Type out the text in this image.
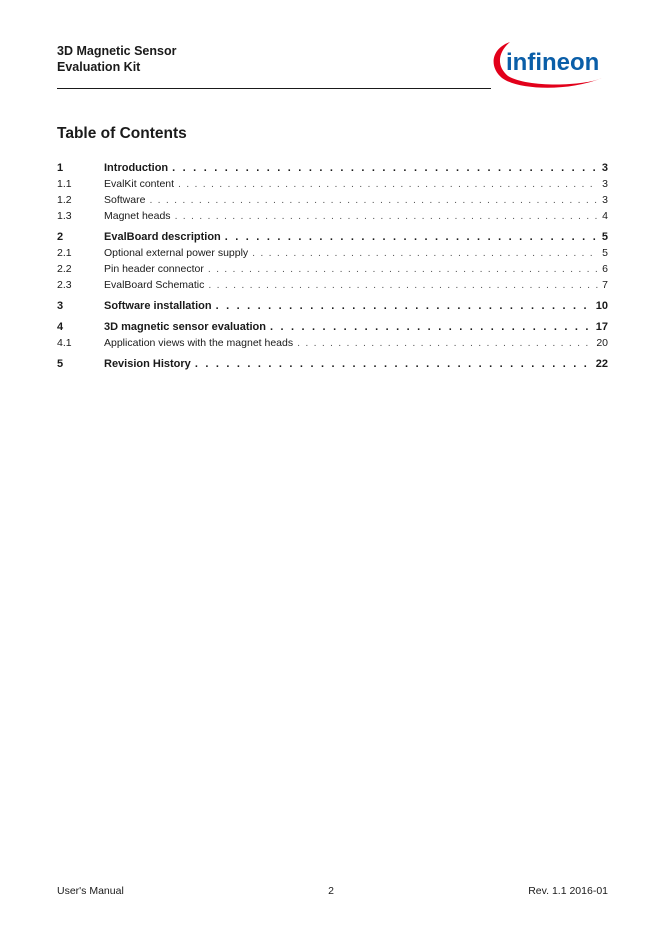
3D Magnetic Sensor
Evaluation Kit	infineon
Table of Contents
1	Introduction . . .	3
1.1	EvalKit content . . .	3
1.2	Software . . .	3
1.3	Magnet heads . . .	4
2	EvalBoard description . . .	5
2.1	Optional external power supply . . .	5
2.2	Pin header connector . . .	6
2.3	EvalBoard Schematic . . .	7
3	Software installation . . .	10
4	3D magnetic sensor evaluation . . .	17
4.1	Application views with the magnet heads . . .	20
5	Revision History . . .	22
User's Manual	2	Rev. 1.1 2016-01
